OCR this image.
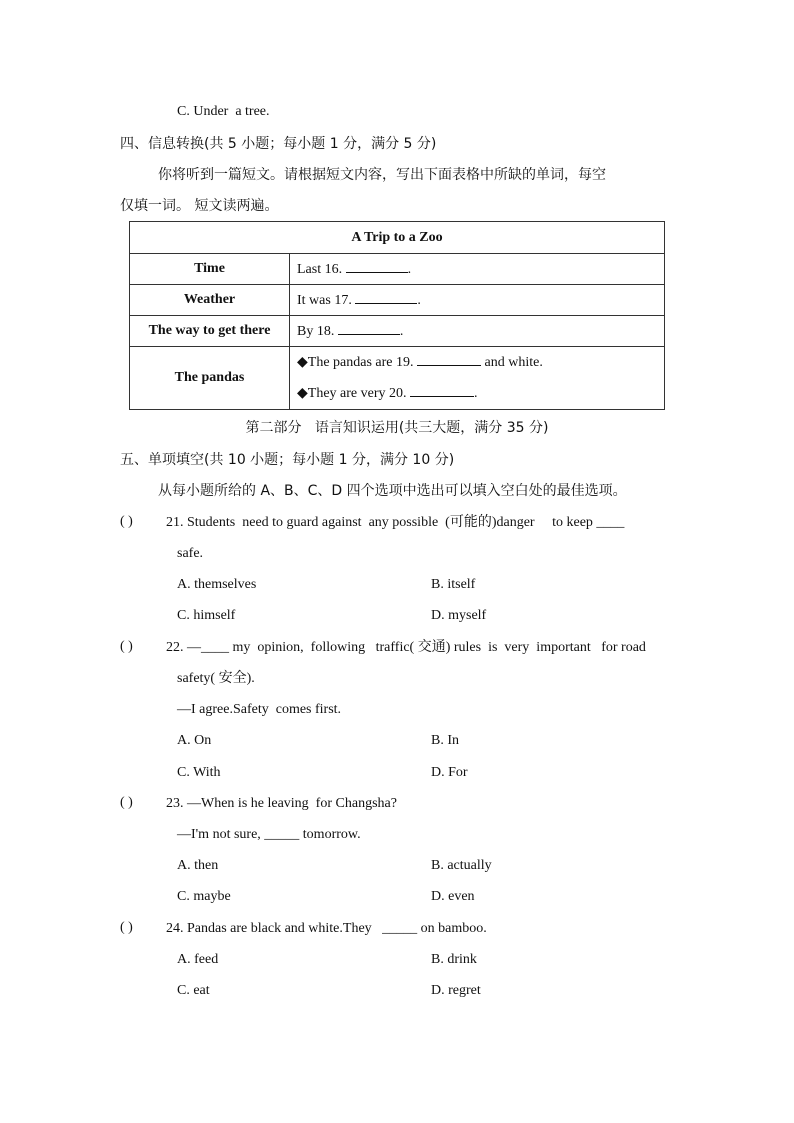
C. Under  a tree.
四、信息转换(共 5 小题；每小题 1 分，满分 5 分)
你将听到一篇短文。请根据短文内容，写出下面表格中所缺的单词，每空
仅填一词。 短文读两遍。
A Trip to a Zoo	
Time	Last 16. .
Weather	It was 17. .
The way to get there	By 18. .
The pandas	◆The pandas are 19. and white.
◆They are very 20. .
第二部分   语言知识运用(共三大题，满分 35 分)
五、单项填空(共 10 小题；每小题 1 分，满分 10 分)
从每小题所给的 A、B、C、D 四个选项中选出可以填入空白处的最佳选项。
( ) 21. Students  need to guard against  any possible  (可能的)danger     to keep ____
safe.
A. themselves	B. itself
C. himself	D. myself
( ) 22. —____ my  opinion,  following   traffic( 交通) rules  is  very  important   for road
safety( 安全).
—I agree.Safety  comes first.
A. On	B. In
C. With	D. For
( ) 23. —When is he leaving  for Changsha?
—I'm not sure, _____ tomorrow.
A. then	B. actually
C. maybe	D. even
( ) 24. Pandas are black and white.They   _____ on bamboo.
A. feed	B. drink
C. eat	D. regret
